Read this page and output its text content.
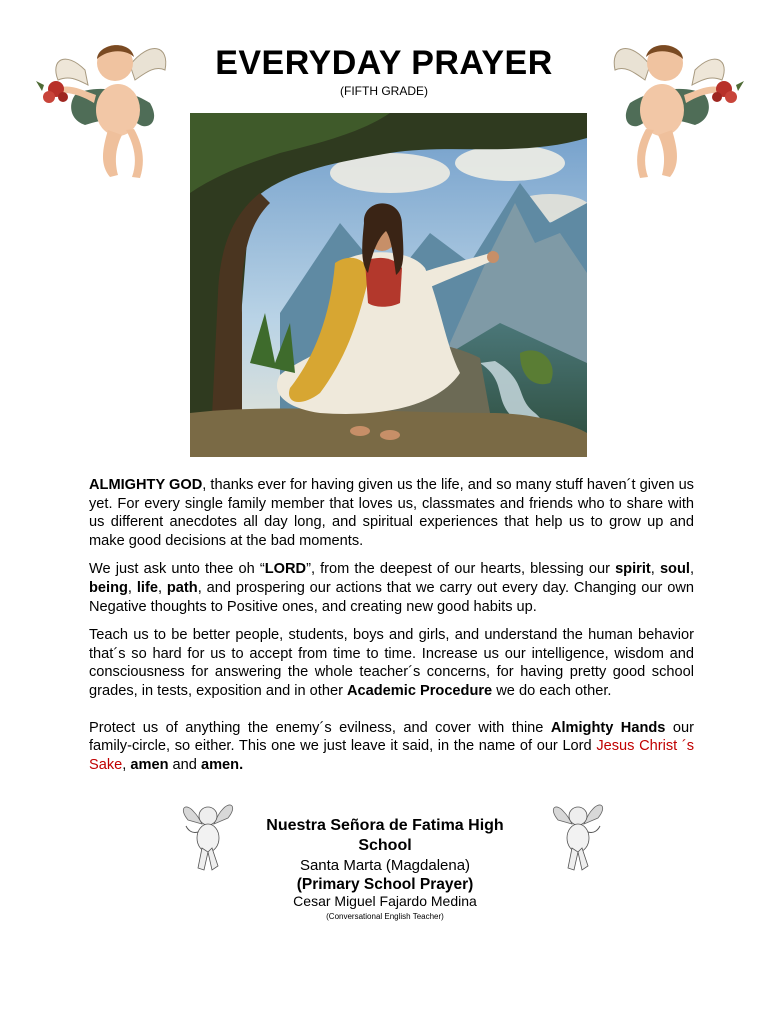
EVERYDAY PRAYER
(FIFTH GRADE)

ALMIGHTY GOD, thanks ever for having given us the life, and so many stuff haven´t given us yet. For every single family member that loves us, classmates and friends who to share with us different anecdotes all day long, and spiritual experiences that help us to grow up and make good decisions at the bad moments.

We just ask unto thee oh “LORD”, from the deepest of our hearts, blessing our spirit, soul, being, life, path, and prospering our actions that we carry out every day. Changing our own Negative thoughts to Positive ones, and creating new good habits up.

Teach us to be better people, students, boys and girls, and understand the human behavior that´s so hard for us to accept from time to time. Increase us our intelligence, wisdom and consciousness for answering the whole teacher´s concerns, for having pretty good school grades, in tests, exposition and in other Academic Procedure we do each other.

Protect us of anything the enemy´s evilness, and cover with thine Almighty Hands our family-circle, so either. This one we just leave it said, in the name of our Lord Jesus Christ ´s Sake, amen and amen.

Nuestra Señora de Fatima High School
Santa Marta (Magdalena)
(Primary School Prayer)
Cesar Miguel Fajardo Medina
(Conversational English Teacher)
